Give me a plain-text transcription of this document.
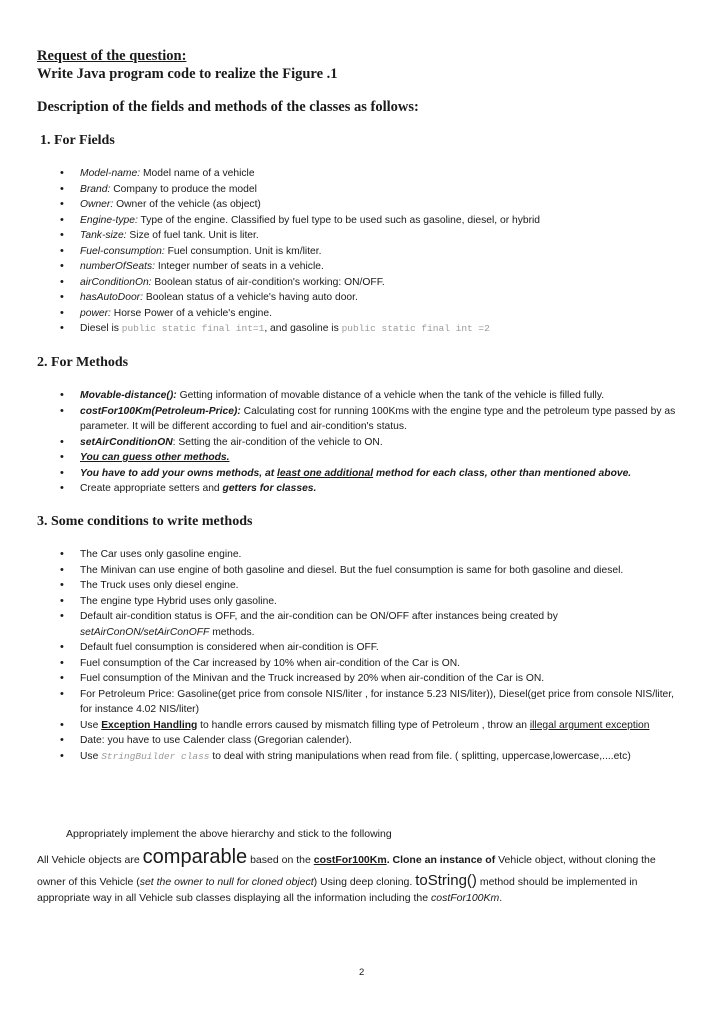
Request of the question:
Write Java program code to realize the Figure .1
Description of the fields and methods of the classes as follows:
1. For Fields
• Model-name: Model name of a vehicle
• Brand: Company to produce the model
• Owner: Owner of the vehicle (as object)
• Engine-type: Type of the engine. Classified by fuel type to be used such as gasoline, diesel, or hybrid
• Tank-size: Size of fuel tank. Unit is liter.
• Fuel-consumption: Fuel consumption. Unit is km/liter.
• numberOfSeats: Integer number of seats in a vehicle.
• airConditionOn: Boolean status of air-condition's working: ON/OFF.
• hasAutoDoor: Boolean status of a vehicle's having auto door.
• power: Horse Power of a vehicle's engine.
• Diesel is public static final int=1, and gasoline is public static final int =2
2. For Methods
• Movable-distance(): Getting information of movable distance of a vehicle when the tank of the vehicle is filled fully.
• costFor100Km(Petroleum-Price): Calculating cost for running 100Kms with the engine type and the petroleum type passed by as parameter. It will be different according to fuel and air-condition's status.
• setAirConditionON: Setting the air-condition of the vehicle to ON.
• You can guess other methods.
• You have to add your owns methods, at least one additional method for each class, other than mentioned above.
• Create appropriate setters and getters for classes.
3. Some conditions to write methods
• The Car uses only gasoline engine.
• The Minivan can use engine of both gasoline and diesel. But the fuel consumption is same for both gasoline and diesel.
• The Truck uses only diesel engine.
• The engine type Hybrid uses only gasoline.
• Default air-condition status is OFF, and the air-condition can be ON/OFF after instances being created by setAirConON/setAirConOFF methods.
• Default fuel consumption is considered when air-condition is OFF.
• Fuel consumption of the Car increased by 10% when air-condition of the Car is ON.
• Fuel consumption of the Minivan and the Truck increased by 20% when air-condition of the Car is ON.
• For Petroleum Price: Gasoline(get price from console NIS/liter , for instance 5.23 NIS/liter)), Diesel(get price from console NIS/liter, for instance 4.02 NIS/liter)
• Use Exception Handling to handle errors caused by mismatch filling type of Petroleum , throw an illegal argument exception
• Date: you have to use Calender class (Gregorian calender).
• Use StringBuilder class to deal with string manipulations when read from file. ( splitting, uppercase,lowercase,....etc)
Appropriately implement the above hierarchy and stick to the following
All Vehicle objects are comparable based on the costFor100Km. Clone an instance of Vehicle object, without cloning the
owner of this Vehicle (set the owner to null for cloned object) Using deep cloning. toString() method should be implemented in
appropriate way in all Vehicle sub classes displaying all the information including the costFor100Km.
2
